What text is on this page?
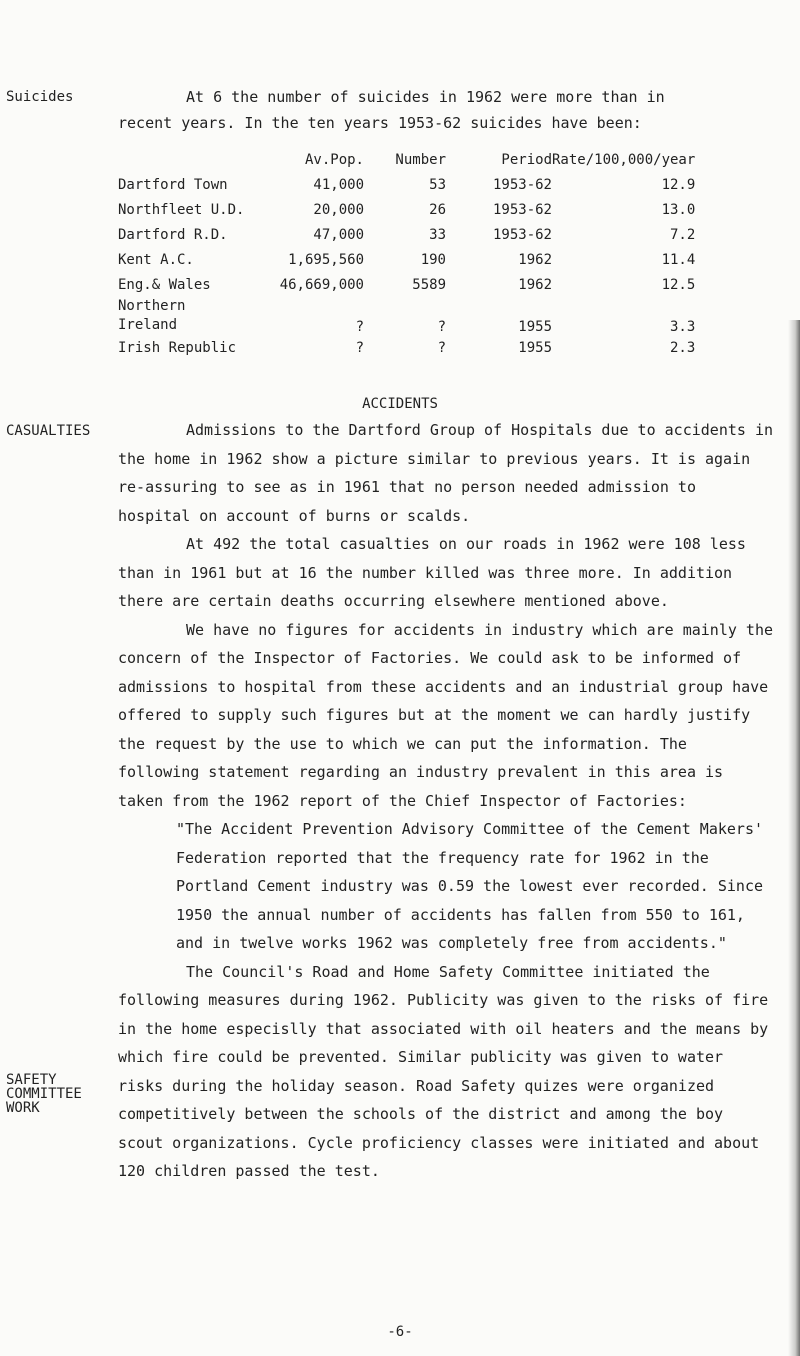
Suicides
CASUALTIES
SAFETY
COMMITTEE
WORK

At 6 the number of suicides in 1962 were more than in

recent years. In the ten years 1953-62 suicides have been:

	Av.Pop.	Number	Period	Rate/100,000/year
Dartford Town	41,000	53	1953-62	12.9
Northfleet U.D.	20,000	26	1953-62	13.0
Dartford R.D.	47,000	33	1953-62	7.2
Kent A.C.	1,695,560	190	1962	11.4
Eng.& Wales	46,669,000	5589	1962	12.5
Northern Ireland	?	?	1955	3.3
Irish Republic	?	?	1955	2.3
ACCIDENTS

Admissions to the Dartford Group of Hospitals due to accidents in the home in 1962 show a picture similar to previous years. It is again re-assuring to see as in 1961 that no person needed admission to hospital on account of burns or scalds.

At 492 the total casualties on our roads in 1962 were 108 less than in 1961 but at 16 the number killed was three more. In addition there are certain deaths occurring elsewhere mentioned above.

We have no figures for accidents in industry which are mainly the concern of the Inspector of Factories. We could ask to be informed of admissions to hospital from these accidents and an industrial group have offered to supply such figures but at the moment we can hardly justify the request by the use to which we can put the information. The following statement regarding an industry prevalent in this area is taken from the 1962 report of the Chief Inspector of Factories:

"The Accident Prevention Advisory Committee of the Cement Makers' Federation reported that the frequency rate for 1962 in the Portland Cement industry was 0.59 the lowest ever recorded. Since 1950 the annual number of accidents has fallen from 550 to 161, and in twelve works 1962 was completely free from accidents."

The Council's Road and Home Safety Committee initiated the following measures during 1962. Publicity was given to the risks of fire in the home especislly that associated with oil heaters and the means by which fire could be prevented. Similar publicity was given to water risks during the holiday season. Road Safety quizes were organized competitively between the schools of the district and among the boy scout organizations. Cycle proficiency classes were initiated and about 120 children passed the test.

-6-
